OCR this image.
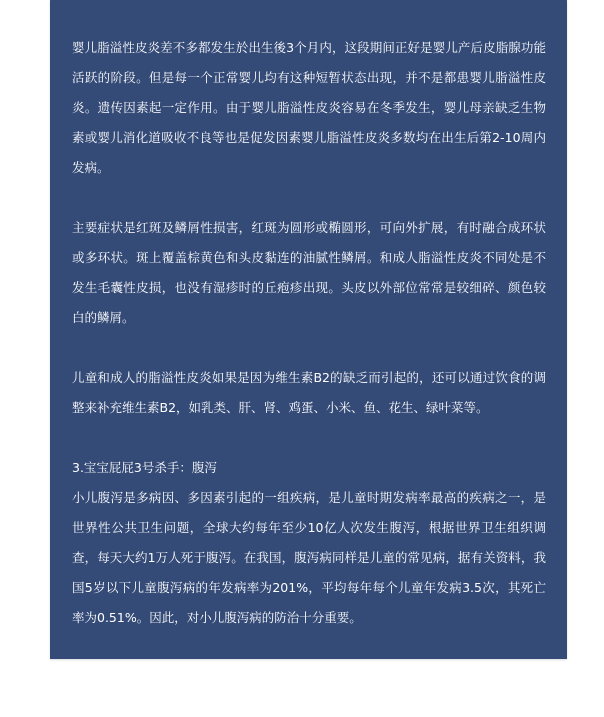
婴儿脂溢性皮炎差不多都发生於出生後3个月内，这段期间正好是婴儿产后皮脂腺功能活跃的阶段。但是每一个正常婴儿均有这种短暂状态出现，并不是都患婴儿脂溢性皮炎。遗传因素起一定作用。由于婴儿脂溢性皮炎容易在冬季发生，婴儿母亲缺乏生物素或婴儿消化道吸收不良等也是促发因素婴儿脂溢性皮炎多数均在出生后第2-10周内发病。

主要症状是红斑及鳞屑性损害，红斑为圆形或椭圆形，可向外扩展，有时融合成环状或多环状。斑上覆盖棕黄色和头皮黏连的油腻性鳞屑。和成人脂溢性皮炎不同处是不发生毛囊性皮损，也没有湿疹时的丘疱疹出现。头皮以外部位常常是较细碎、颜色较白的鳞屑。

儿童和成人的脂溢性皮炎如果是因为维生素B2的缺乏而引起的，还可以通过饮食的调整来补充维生素B2，如乳类、肝、肾、鸡蛋、小米、鱼、花生、绿叶菜等。

3.宝宝屁屁3号杀手：腹泻

小儿腹泻是多病因、多因素引起的一组疾病，是儿童时期发病率最高的疾病之一，是世界性公共卫生问题，全球大约每年至少10亿人次发生腹泻，根据世界卫生组织调查，每天大约1万人死于腹泻。在我国，腹泻病同样是儿童的常见病，据有关资料，我国5岁以下儿童腹泻病的年发病率为201%，平均每年每个儿童年发病3.5次，其死亡率为0.51%。因此，对小儿腹泻病的防治十分重要。
